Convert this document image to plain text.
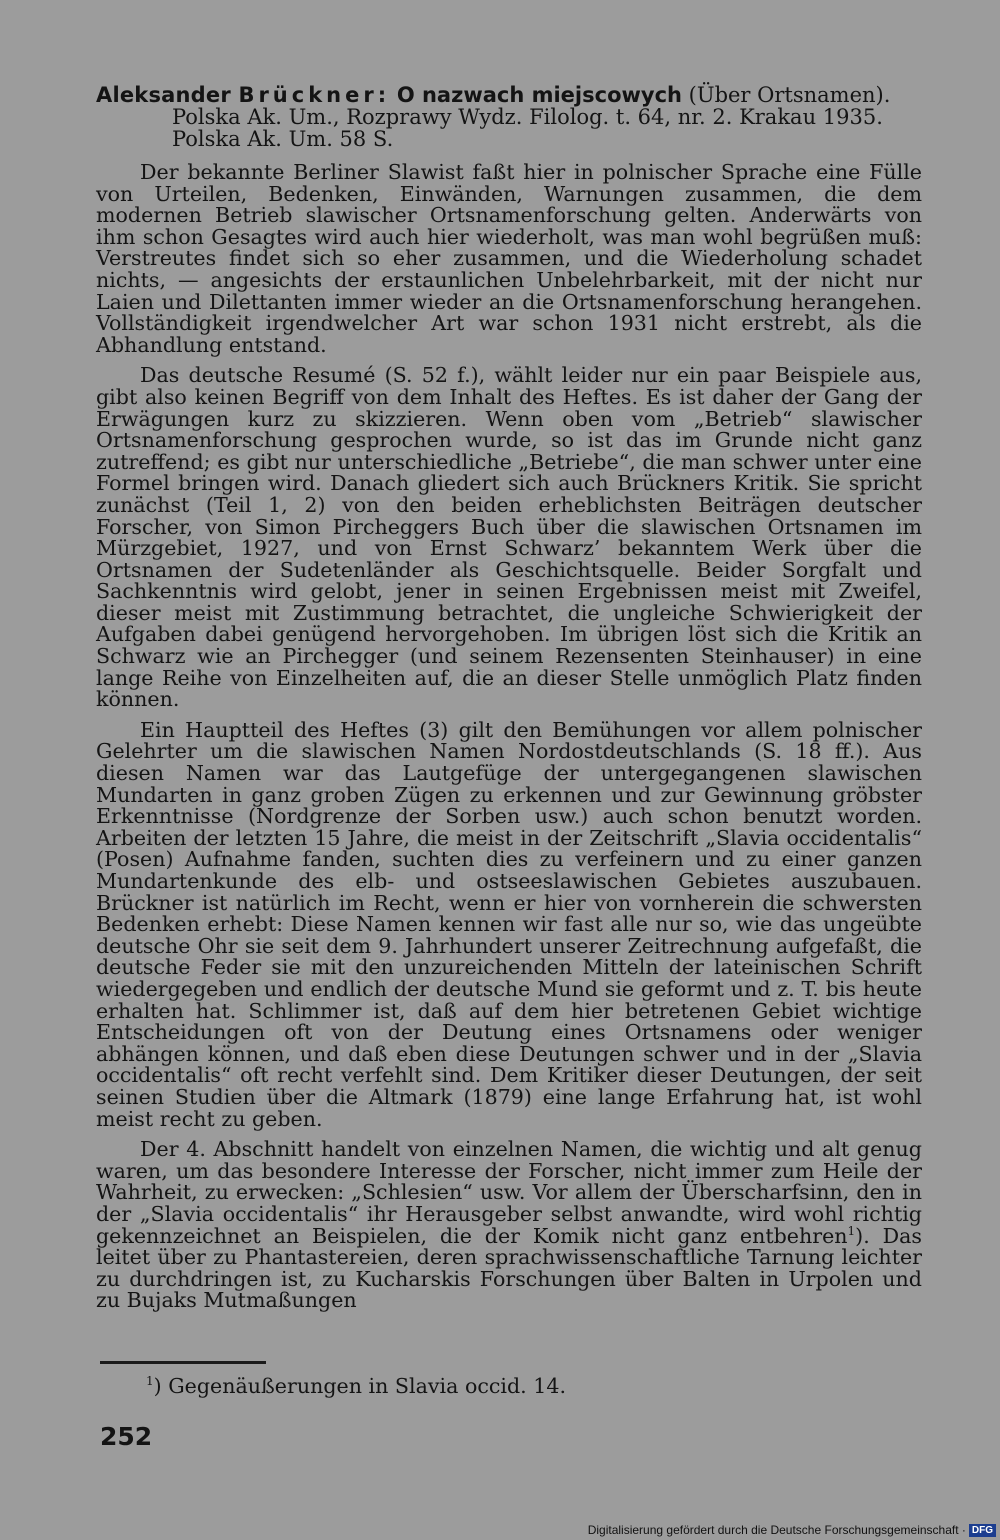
Aleksander Brückner: O nazwach miejscowych (Über Ortsnamen).
Polska Ak. Um., Rozprawy Wydz. Filolog. t. 64, nr. 2. Krakau 1935.
Polska Ak. Um. 58 S.

Der bekannte Berliner Slawist faßt hier in polnischer Sprache eine Fülle von Urteilen, Bedenken, Einwänden, Warnungen zusammen, die dem modernen Betrieb slawischer Ortsnamenforschung gelten. Anderwärts von ihm schon Gesagtes wird auch hier wiederholt, was man wohl begrüßen muß: Verstreutes findet sich so eher zusammen, und die Wiederholung schadet nichts, — angesichts der erstaunlichen Unbelehrbarkeit, mit der nicht nur Laien und Dilettanten immer wieder an die Ortsnamenforschung herangehen. Vollständigkeit irgendwelcher Art war schon 1931 nicht erstrebt, als die Abhandlung entstand.

Das deutsche Resumé (S. 52 f.), wählt leider nur ein paar Beispiele aus, gibt also keinen Begriff von dem Inhalt des Heftes. Es ist daher der Gang der Erwägungen kurz zu skizzieren. Wenn oben vom „Betrieb“ slawischer Ortsnamenforschung gesprochen wurde, so ist das im Grunde nicht ganz zutreffend; es gibt nur unterschiedliche „Betriebe“, die man schwer unter eine Formel bringen wird. Danach gliedert sich auch Brückners Kritik. Sie spricht zunächst (Teil 1, 2) von den beiden erheblichsten Beiträgen deutscher Forscher, von Simon Pircheggers Buch über die slawischen Ortsnamen im Mürzgebiet, 1927, und von Ernst Schwarz’ bekanntem Werk über die Ortsnamen der Sudetenländer als Geschichtsquelle. Beider Sorgfalt und Sachkenntnis wird gelobt, jener in seinen Ergebnissen meist mit Zweifel, dieser meist mit Zustimmung betrachtet, die ungleiche Schwierigkeit der Aufgaben dabei genügend hervorgehoben. Im übrigen löst sich die Kritik an Schwarz wie an Pirchegger (und seinem Rezensenten Steinhauser) in eine lange Reihe von Einzelheiten auf, die an dieser Stelle unmöglich Platz finden können.

Ein Hauptteil des Heftes (3) gilt den Bemühungen vor allem polnischer Gelehrter um die slawischen Namen Nordostdeutschlands (S. 18 ff.). Aus diesen Namen war das Lautgefüge der untergegangenen slawischen Mundarten in ganz groben Zügen zu erkennen und zur Gewinnung gröbster Erkenntnisse (Nordgrenze der Sorben usw.) auch schon benutzt worden. Arbeiten der letzten 15 Jahre, die meist in der Zeitschrift „Slavia occidentalis“ (Posen) Aufnahme fanden, suchten dies zu verfeinern und zu einer ganzen Mundartenkunde des elb- und ostseeslawischen Gebietes auszubauen. Brückner ist natürlich im Recht, wenn er hier von vornherein die schwersten Bedenken erhebt: Diese Namen kennen wir fast alle nur so, wie das ungeübte deutsche Ohr sie seit dem 9. Jahrhundert unserer Zeitrechnung aufgefaßt, die deutsche Feder sie mit den unzureichenden Mitteln der lateinischen Schrift wiedergegeben und endlich der deutsche Mund sie geformt und z. T. bis heute erhalten hat. Schlimmer ist, daß auf dem hier betretenen Gebiet wichtige Entscheidungen oft von der Deutung eines Ortsnamens oder weniger abhängen können, und daß eben diese Deutungen schwer und in der „Slavia occidentalis“ oft recht verfehlt sind. Dem Kritiker dieser Deutungen, der seit seinen Studien über die Altmark (1879) eine lange Erfahrung hat, ist wohl meist recht zu geben.

Der 4. Abschnitt handelt von einzelnen Namen, die wichtig und alt genug waren, um das besondere Interesse der Forscher, nicht immer zum Heile der Wahrheit, zu erwecken: „Schlesien“ usw. Vor allem der Überscharfsinn, den in der „Slavia occidentalis“ ihr Herausgeber selbst anwandte, wird wohl richtig gekennzeichnet an Beispielen, die der Komik nicht ganz entbehren$^1$). Das leitet über zu Phantastereien, deren sprachwissenschaftliche Tarnung leichter zu durchdringen ist, zu Kucharskis Forschungen über Balten in Urpolen und zu Bujaks Mutmaßungen

$^1$) Gegenäußerungen in Slavia occid. 14.

252

Digitalisierung gefördert durch die Deutsche Forschungsgemeinschaft · DFG
